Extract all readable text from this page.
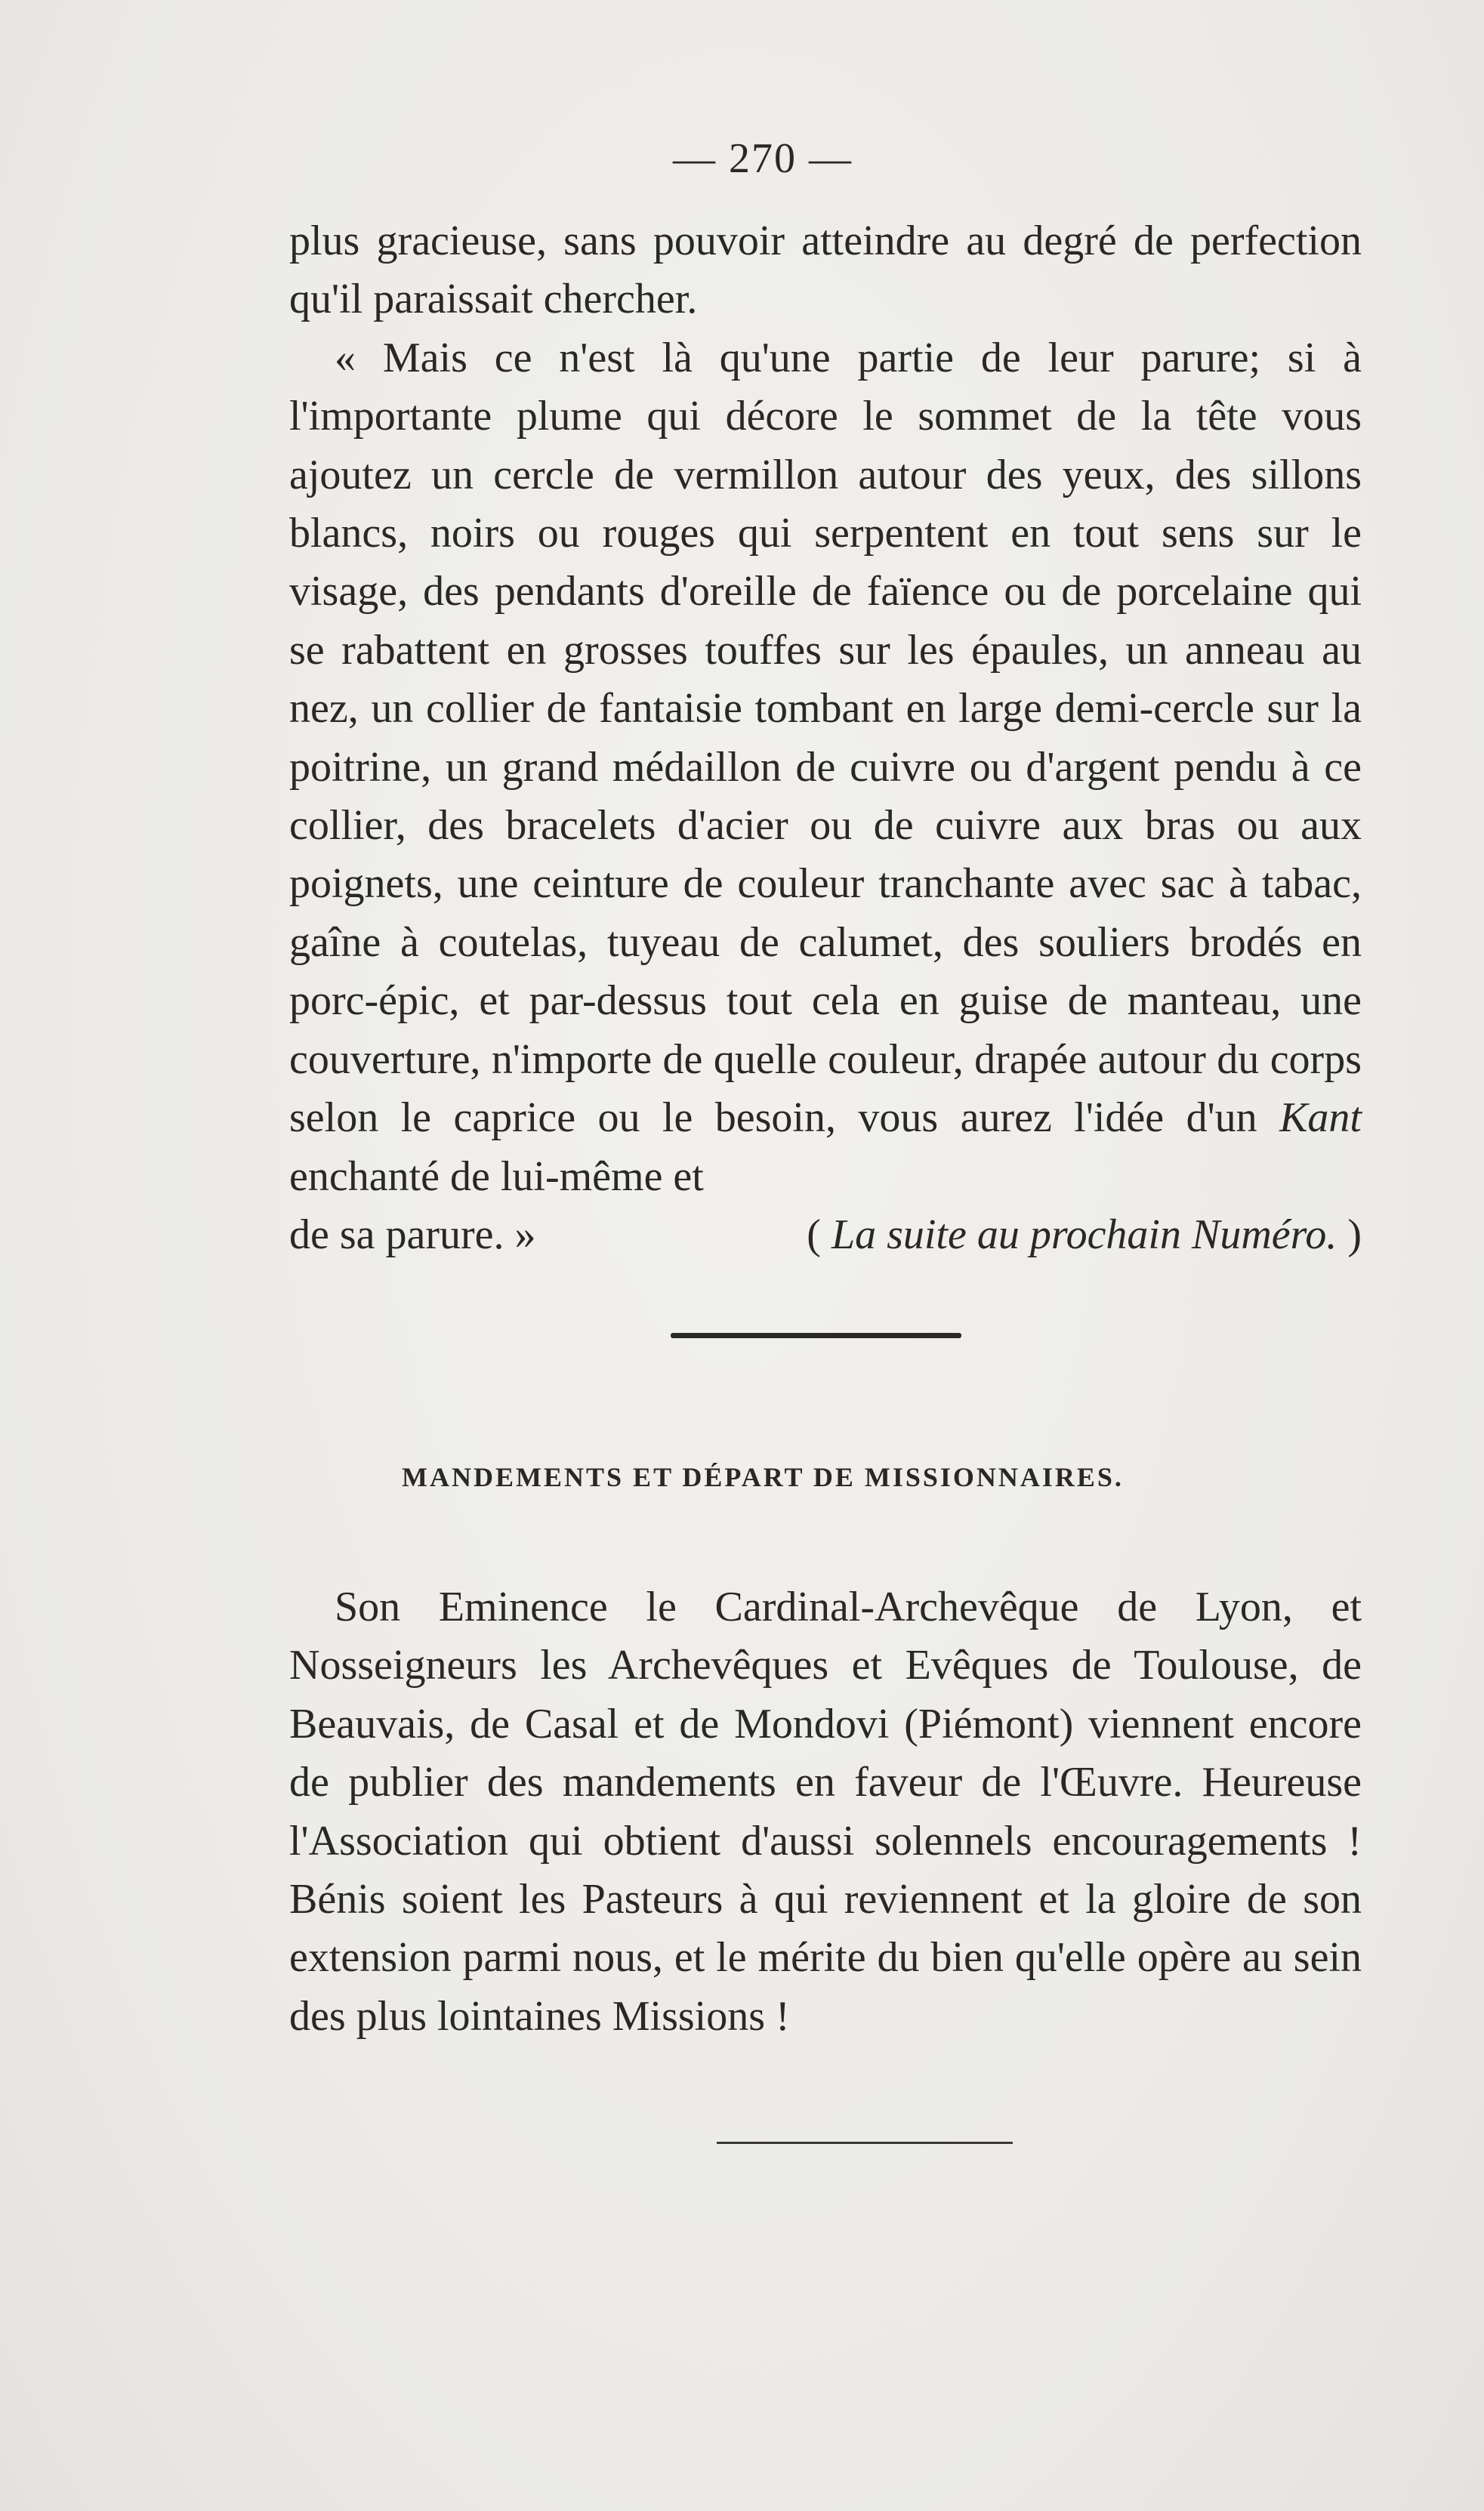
— 270 —

plus gracieuse, sans pouvoir atteindre au degré de perfection qu'il paraissait chercher.

« Mais ce n'est là qu'une partie de leur parure; si à l'importante plume qui décore le sommet de la tête vous ajoutez un cercle de vermillon autour des yeux, des sillons blancs, noirs ou rouges qui serpentent en tout sens sur le visage, des pendants d'oreille de faïence ou de porcelaine qui se rabattent en grosses touffes sur les épaules, un anneau au nez, un collier de fantaisie tombant en large demi-cercle sur la poitrine, un grand médaillon de cuivre ou d'argent pendu à ce collier, des bracelets d'acier ou de cuivre aux bras ou aux poignets, une ceinture de couleur tranchante avec sac à tabac, gaîne à coutelas, tuyeau de calumet, des souliers brodés en porc-épic, et par-dessus tout cela en guise de manteau, une couverture, n'importe de quelle couleur, drapée autour du corps selon le caprice ou le besoin, vous aurez l'idée d'un Kant enchanté de lui-même et

de sa parure. »	( La suite au prochain Numéro. )
MANDEMENTS ET DÉPART DE MISSIONNAIRES.

Son Eminence le Cardinal-Archevêque de Lyon, et Nosseigneurs les Archevêques et Evêques de Toulouse, de Beauvais, de Casal et de Mondovi (Piémont) viennent encore de publier des mandements en faveur de l'Œuvre. Heureuse l'Association qui obtient d'aussi solennels encouragements ! Bénis soient les Pasteurs à qui reviennent et la gloire de son extension parmi nous, et le mérite du bien qu'elle opère au sein des plus lointaines Missions !
